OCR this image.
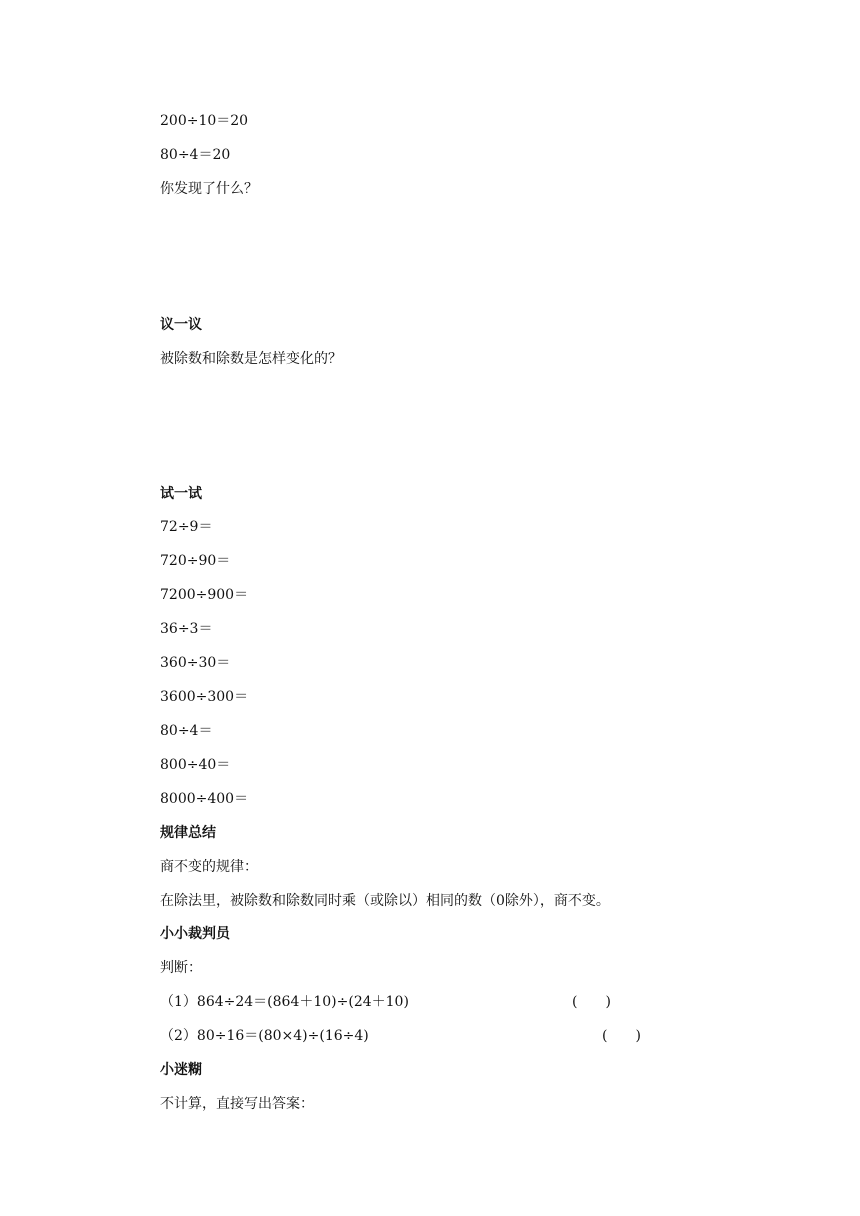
200÷10＝20
80÷4＝20
你发现了什么？
议一议
被除数和除数是怎样变化的？
试一试
72÷9＝
720÷90＝
7200÷900＝
36÷3＝
360÷30＝
3600÷300＝
80÷4＝
800÷40＝
8000÷400＝
规律总结
商不变的规律：
在除法里，被除数和除数同时乘（或除以）相同的数（0除外），商不变。
小小裁判员
判断：
（1）864÷24＝(864＋10)÷(24＋10)	(　　)
（2）80÷16＝(80×4)÷(16÷4)	(　　)
小迷糊
不计算，直接写出答案：
